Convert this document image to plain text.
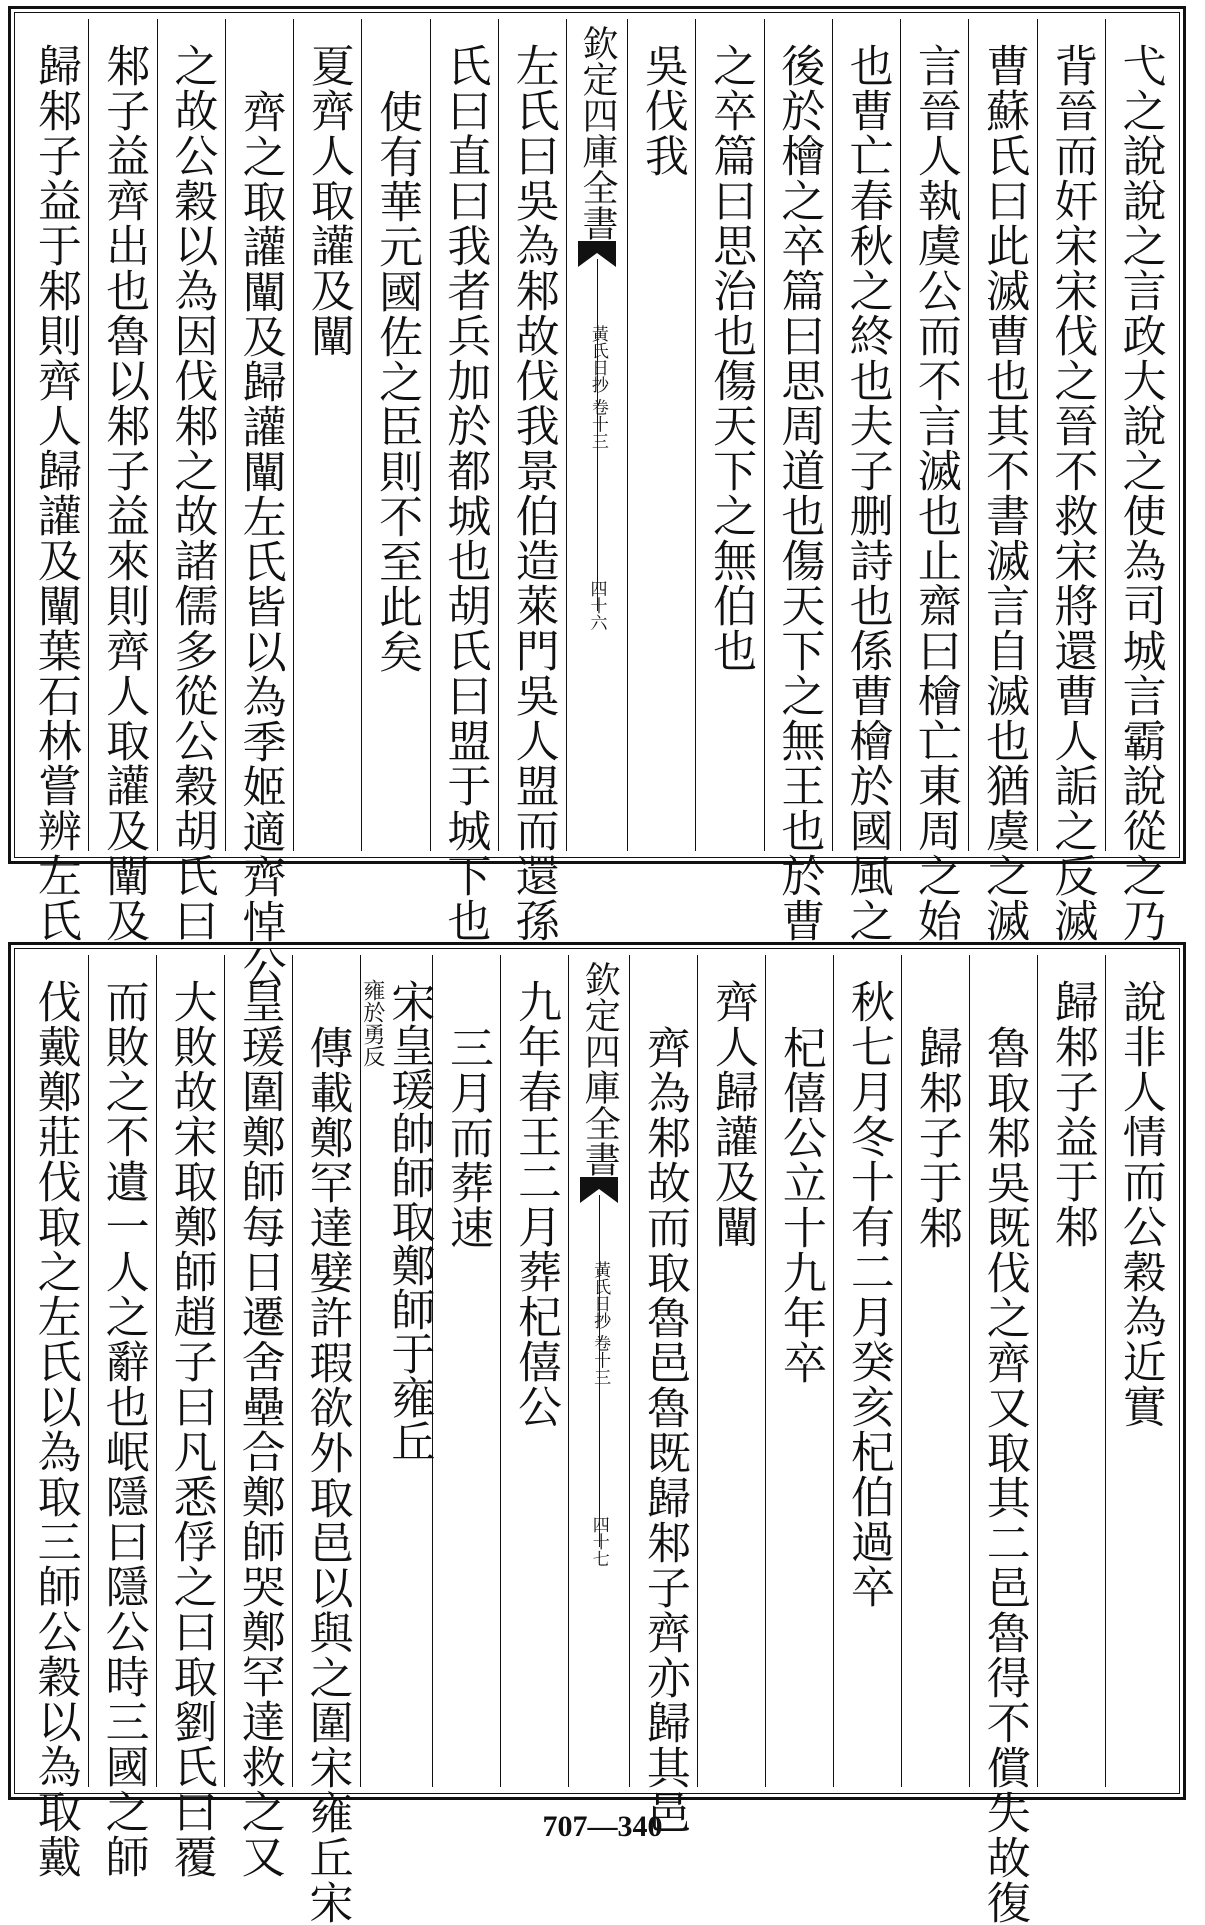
弋之說說之言政大說之使為司城言霸說從之乃
背晉而奸宋宋伐之晉不救宋將還曹人詬之反滅
曹蘇氏曰此滅曹也其不書滅言自滅也猶虞之滅
言晉人執虞公而不言滅也止齋曰檜亡東周之始
也曹亡春秋之終也夫子删詩也係曹檜於國風之
後於檜之卒篇曰思周道也傷天下之無王也於曹
之卒篇曰思治也傷天下之無伯也
吳伐我
欽定四庫全書
黃氏日抄 卷十三
四十六
左氏曰吳為邾故伐我景伯造萊門吳人盟而還孫
氏曰直曰我者兵加於都城也胡氏曰盟于城下也
使有華元國佐之臣則不至此矣
夏齊人取讙及闡
齊之取讙闡及歸讙闡左氏皆以為季姬適齊悼公
之故公穀以為因伐邾之故諸儒多從公穀胡氏曰
邾子益齊出也魯以邾子益來則齊人取讙及闡及
歸邾子益于邾則齊人歸讙及闡葉石林嘗辨左氏
說非人情而公穀為近實
歸邾子益于邾
魯取邾吳既伐之齊又取其二邑魯得不償失故復
歸邾子于邾
秋七月冬十有二月癸亥杞伯過卒
杞僖公立十九年卒
齊人歸讙及闡
齊為邾故而取魯邑魯既歸邾子齊亦歸其邑
欽定四庫全書
黃氏日抄 卷十三
四十七
九年春王二月葬杞僖公
三月而葬速
宋皇瑗帥師取鄭師于雍丘
雍於勇反
傳載鄭罕達嬖許瑕欲外取邑以與之圍宋雍丘宋
皇瑗圍鄭師每日遷舍壘合鄭師哭鄭罕達救之又
大敗故宋取鄭師趙子曰凡悉俘之曰取劉氏曰覆
而敗之不遺一人之辭也岷隱曰隱公時三國之師
伐戴鄭莊伐取之左氏以為取三師公穀以為取戴	707—340
